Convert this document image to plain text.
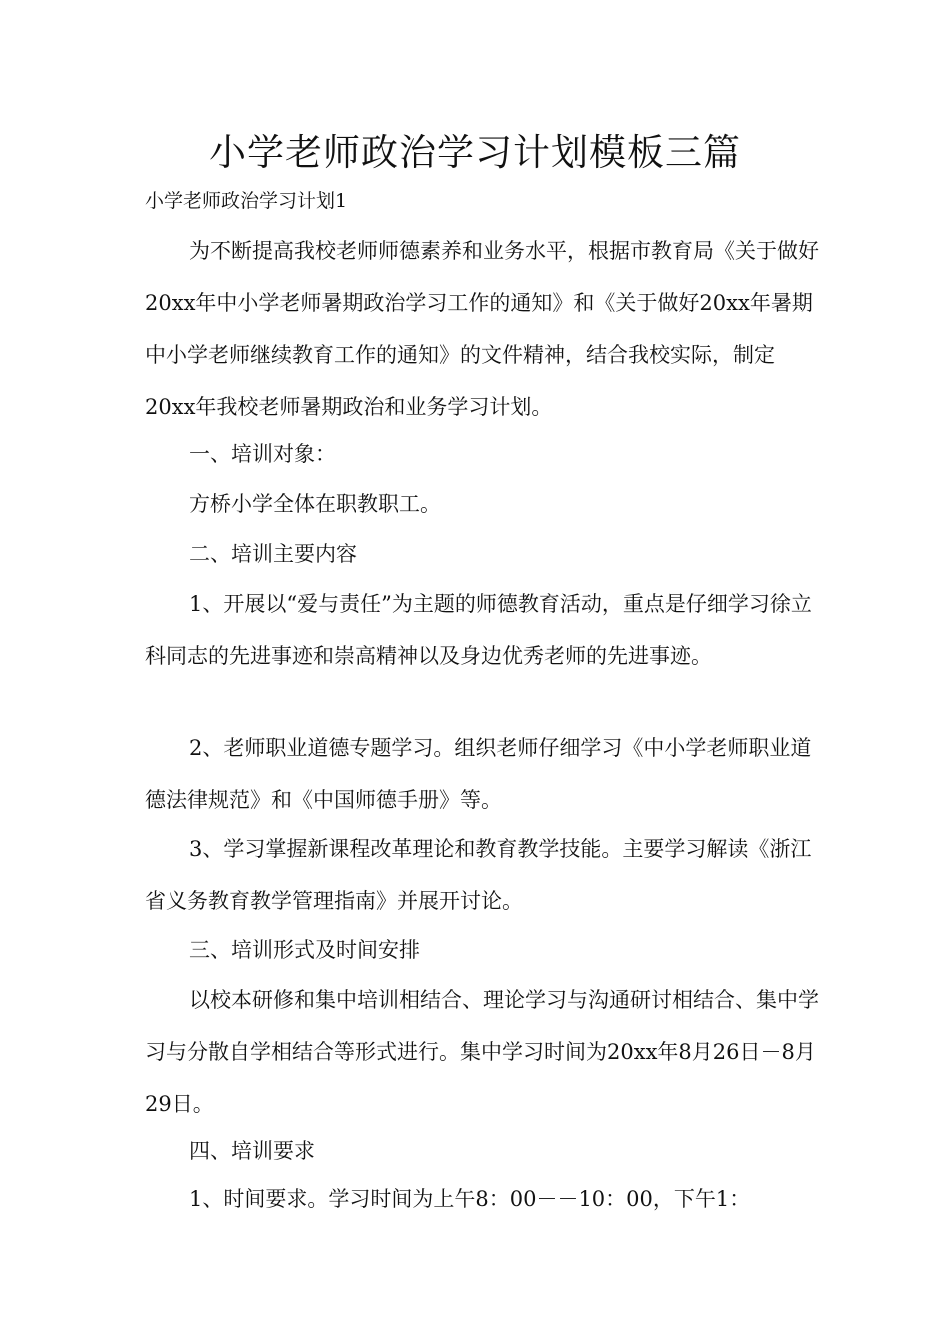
小学老师政治学习计划模板三篇

小学老师政治学习计划1

为不断提高我校老师师德素养和业务水平，根据市教育局《关于做好20xx年中小学老师暑期政治学习工作的通知》和《关于做好20xx年暑期中小学老师继续教育工作的通知》的文件精神，结合我校实际，制定20xx年我校老师暑期政治和业务学习计划。

一、培训对象：

方桥小学全体在职教职工。

二、培训主要内容

1、开展以“爱与责任”为主题的师德教育活动，重点是仔细学习徐立科同志的先进事迹和崇高精神以及身边优秀老师的先进事迹。

2、老师职业道德专题学习。组织老师仔细学习《中小学老师职业道德法律规范》和《中国师德手册》等。

3、学习掌握新课程改革理论和教育教学技能。主要学习解读《浙江省义务教育教学管理指南》并展开讨论。

三、培训形式及时间安排

以校本研修和集中培训相结合、理论学习与沟通研讨相结合、集中学习与分散自学相结合等形式进行。集中学习时间为20xx年8月26日－8月29日。

四、培训要求

1、时间要求。学习时间为上午8：00－－10：00，下午1：
